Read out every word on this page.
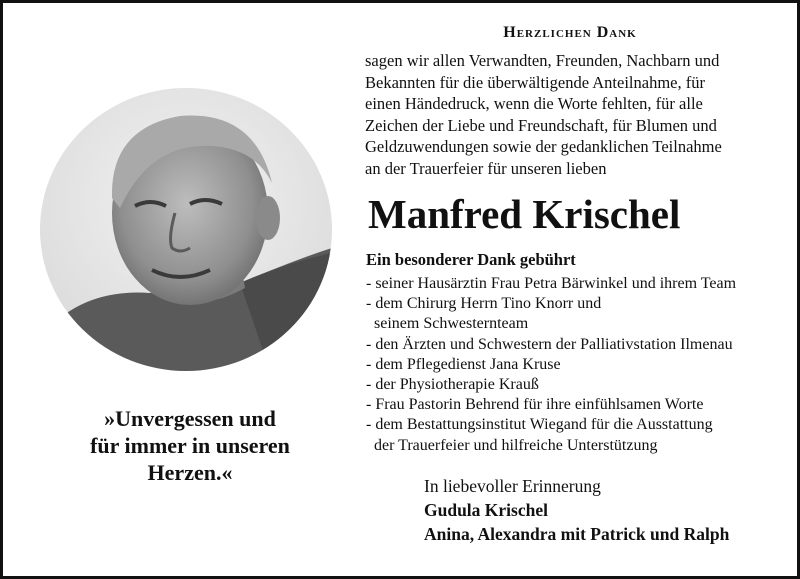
»Unvergessen und
für immer in unseren
Herzen.«
Herzlichen Dank
sagen wir allen Verwandten, Freunden, Nachbarn und
Bekannten für die überwältigende Anteilnahme, für
einen Händedruck, wenn die Worte fehlten, für alle
Zeichen der Liebe und Freundschaft, für Blumen und
Geldzuwendungen sowie der gedanklichen Teilnahme
an der Trauerfeier für unseren lieben
Manfred Krischel
Ein besonderer Dank gebührt
- seiner Hausärztin Frau Petra Bärwinkel und ihrem Team
- dem Chirurg Herrn Tino Knorr und
seinem Schwesternteam
- den Ärzten und Schwestern der Palliativstation Ilmenau
- dem Pflegedienst Jana Kruse
- der Physiotherapie Krauß
- Frau Pastorin Behrend für ihre einfühlsamen Worte
- dem Bestattungsinstitut Wiegand für die Ausstattung
der Trauerfeier und hilfreiche Unterstützung
In liebevoller Erinnerung
Gudula Krischel
Anina, Alexandra mit Patrick und Ralph
